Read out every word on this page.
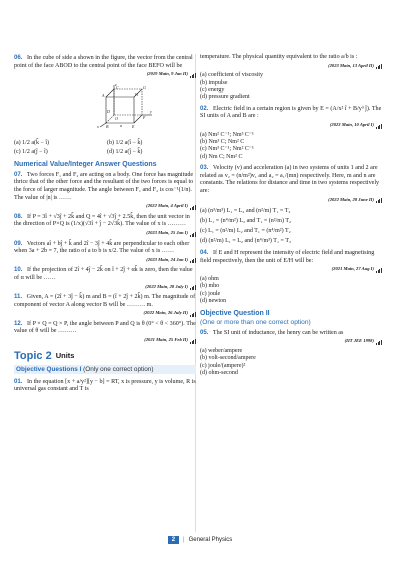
06. In the cube of side a shown in the figure, the vector from the central point of the face ABOD to the central point of the face BEFO will be
(2019 Main, 9 Jan II)
z
y
x
A	H
G
C
B	E
O
D
F
a
(a) 1/2 a(k̂ − î)	(b) 1/2 a(î − k̂)
(c) 1/2 a(ĵ − î)	(d) 1/2 a(ĵ − k̂)
Numerical Value/Integer Answer Questions
07. Two forces F₁ and F₂ are acting on a body. One force has magnitude thrice that of the other force and the resultant of the two forces is equal to the force of larger magnitude. The angle between F₁ and F₂ is cos⁻¹(1/n). The value of |n| is ……
(2022 Main, 4 April I)
08. If P = 3î + √3ĵ + 2k̂ and Q = 4î + √3ĵ + 2.5k̂, then the unit vector in the direction of P×Q is (1/x)(√3î + ĵ − 2√3k̂). The value of x is ………
(2023 Main, 25 Jan I)
09. Vectors aî + bĵ + k̂ and 2î − 3ĵ + 4k̂ are perpendicular to each other when 3a + 2b = 7, the ratio of a to b is x/2. The value of x is ……
(2023 Main, 24 Jan I)
10. If the projection of 2î + 4ĵ − 2k̂ on î + 2ĵ + αk̂ is zero, then the value of α will be ……
(2022 Main, 28 July I)
11. Given, A = (2î + 3ĵ − k̂) m and B = (î + 2ĵ + 2k̂) m. The magnitude of component of vector A along vector B will be ……… m.
(2022 Main, 26 July II)
12. If P × Q = Q × P, the angle between P and Q is θ (0° < θ < 360°). The value of θ will be ………
(2021 Main, 25 Feb II)
Topic 2 Units
Objective Questions I (Only one correct option)
01. In the equation [x + a/y²][y − b] = RT, x is pressure, y is volume, R is universal gas constant and T is
temperature. The physical quantity equivalent to the ratio a/b is :
(2023 Main, 13 April II)
(a) coefficient of viscosity
(b) impulse
(c) energy
(d) pressure gradient
02. Electric field in a certain region is given by E = (A/x² î + B/y³ ĵ). The SI units of A and B are :
(2023 Main, 10 April I)
(a) Nm² C⁻¹; Nm³ C⁻¹
(b) Nm³ C; Nm² C
(c) Nm³ C⁻¹; Nm² C⁻¹
(d) Nm C; Nm² C
03. Velocity (v) and acceleration (a) in two systems of units 1 and 2 are related as v₂ = (n/m²)v₁ and a₂ = a₁/(mn) respectively. Here, m and n are constants. The relations for distance and time in two systems respectively are:
(2022 Main, 28 June II)
(a) (n³/m³) L₁ = L₂ and (n²/m) T₁ = T₂
(b) L₁ = (n⁴/m²) L₂ and T₁ = (n²/m) T₂
(c) L₁ = (n²/m) L₂ and T₁ = (n⁴/m²) T₂
(d) (n²/m) L₁ = L₂ and (n⁴/m³) T₁ = T₂
04. If E and H represent the intensity of electric field and magnetising field respectively, then the unit of E/H will be:
(2021 Main, 27 Aug I)
(a) ohm
(b) mho
(c) joule
(d) newton
Objective Question II
(One or more than one correct option)
05. The SI unit of inductance, the henry can be written as
(IIT JEE 1998)
(a) weber/ampere
(b) volt-second/ampere
(c) joule/(ampere)²
(d) ohm-second
2 | General Physics
